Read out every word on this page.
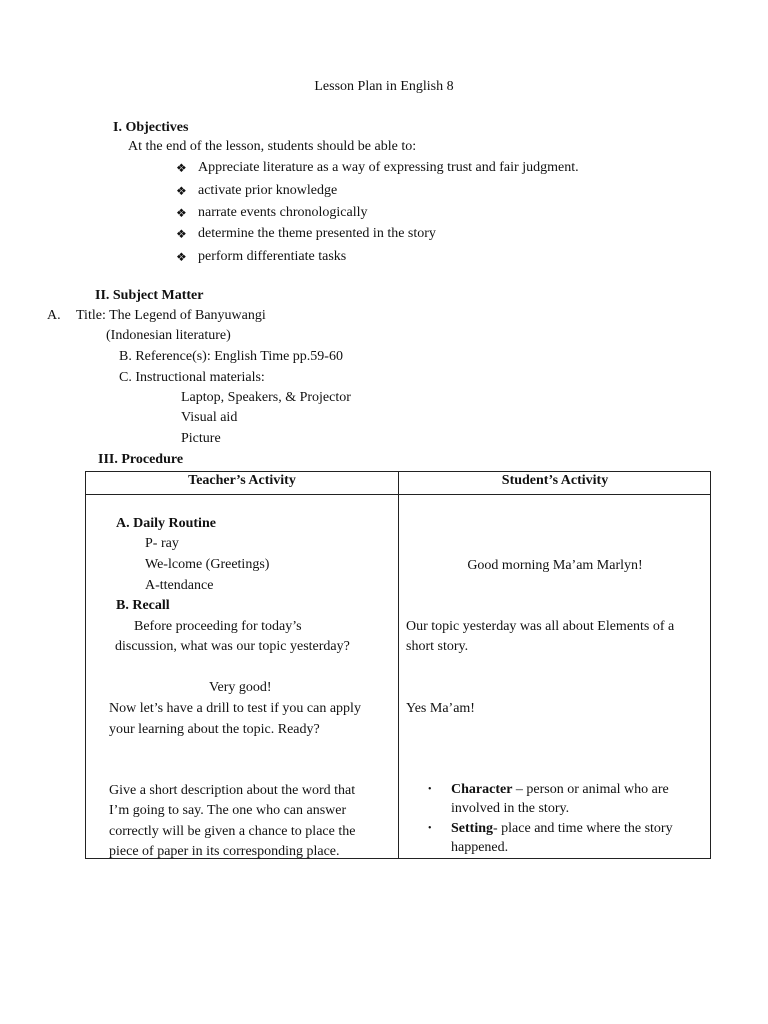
Lesson Plan in English 8
I. Objectives
At the end of the lesson, students should be able to:
❖ Appreciate literature as a way of expressing trust and fair judgment.
❖ activate prior knowledge
❖ narrate events chronologically
❖ determine the theme presented in the story
❖ perform differentiate tasks
II. Subject Matter
A. Title: The Legend of Banyuwangi
(Indonesian literature)
B. Reference(s): English Time pp.59-60
C. Instructional materials:
Laptop, Speakers, & Projector
Visual aid
Picture
III. Procedure
Teacher’s Activity	Student’s Activity
A. Daily Routine
P- ray
We-lcome (Greetings)
A-ttendance
B. Recall
Before proceeding for today’s
discussion, what was our topic yesterday?
Very good!
Now let’s have a drill to test if you can apply
your learning about the topic. Ready?
Give a short description about the word that
I’m going to say. The one who can answer
correctly will be given a chance to place the
piece of paper in its corresponding place.
Good morning Ma’am Marlyn!
Our topic yesterday was all about Elements of a
short story.
Yes Ma’am!
• Character – person or animal who are
involved in the story.
• Setting- place and time where the story
happened.
